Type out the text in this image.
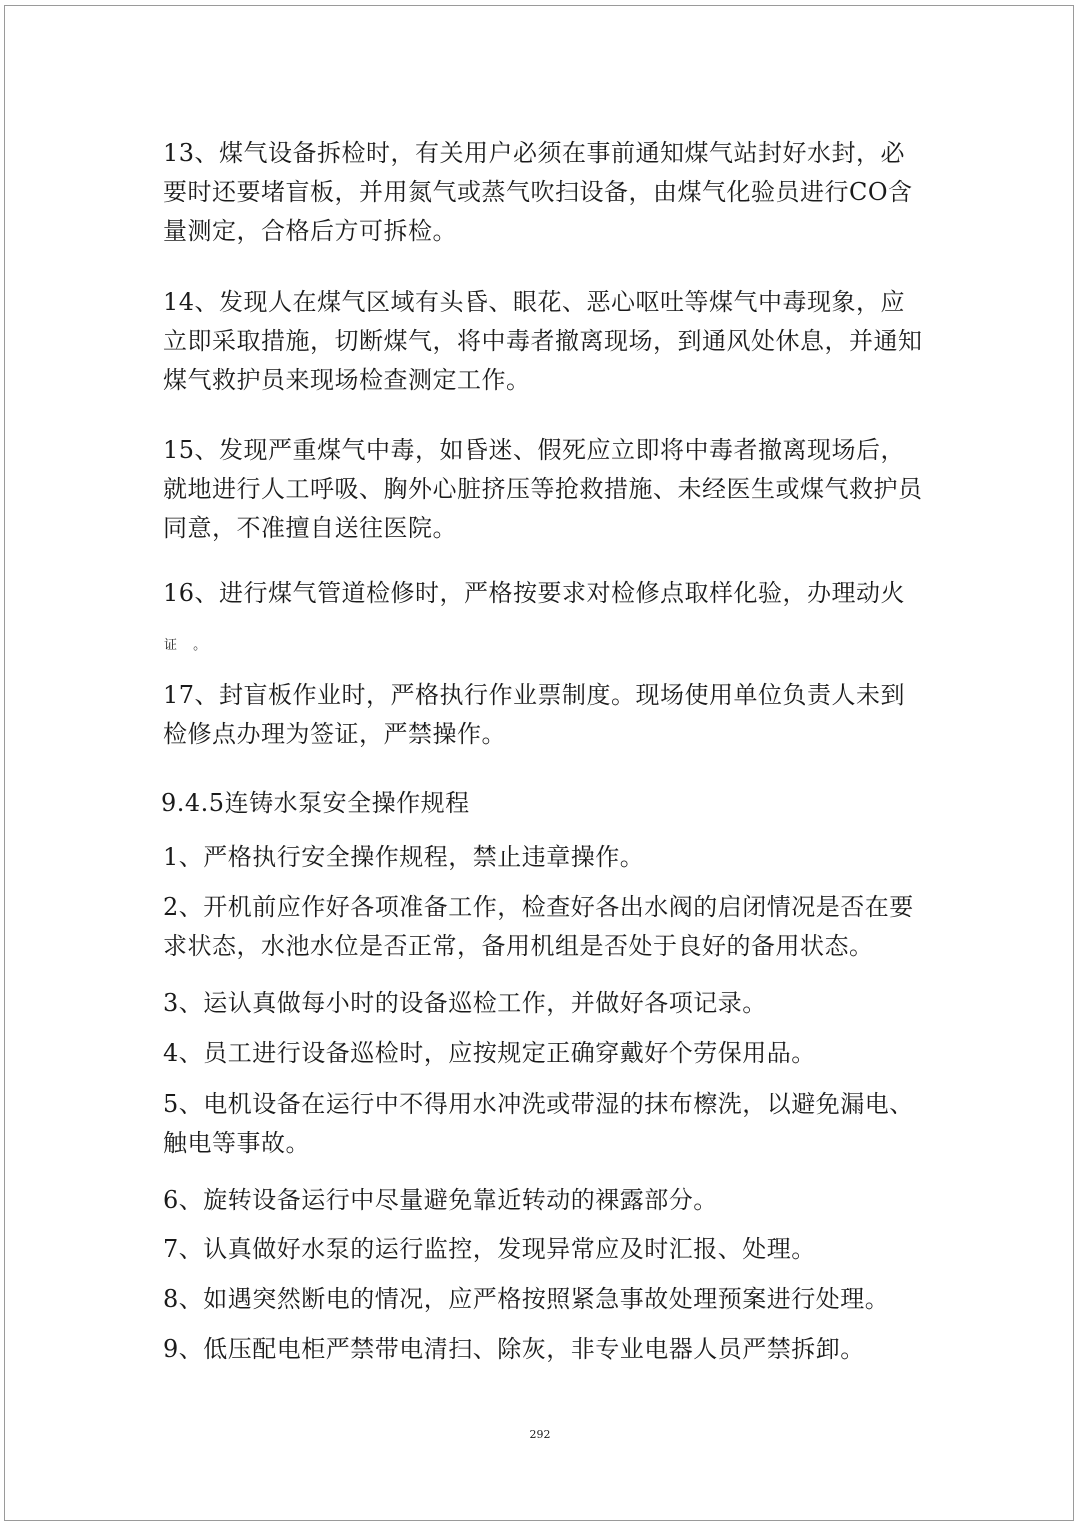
13、煤气设备拆检时，有关用户必须在事前通知煤气站封好水封，必要时还要堵盲板，并用氮气或蒸气吹扫设备，由煤气化验员进行CO含量测定，合格后方可拆检。

14、发现人在煤气区域有头昏、眼花、恶心呕吐等煤气中毒现象，应立即采取措施，切断煤气，将中毒者撤离现场，到通风处休息，并通知煤气救护员来现场检查测定工作。

15、发现严重煤气中毒，如昏迷、假死应立即将中毒者撤离现场后，就地进行人工呼吸、胸外心脏挤压等抢救措施、未经医生或煤气救护员同意，不准擅自送往医院。

16、进行煤气管道检修时，严格按要求对检修点取样化验，办理动火

证 。

17、封盲板作业时，严格执行作业票制度。现场使用单位负责人未到检修点办理为签证，严禁操作。

9.4.5连铸水泵安全操作规程

1、严格执行安全操作规程，禁止违章操作。

2、开机前应作好各项准备工作，检查好各出水阀的启闭情况是否在要求状态，水池水位是否正常，备用机组是否处于良好的备用状态。

3、运认真做每小时的设备巡检工作，并做好各项记录。

4、员工进行设备巡检时，应按规定正确穿戴好个劳保用品。

5、电机设备在运行中不得用水冲洗或带湿的抹布檫洗，以避免漏电、触电等事故。

6、旋转设备运行中尽量避免靠近转动的裸露部分。

7、认真做好水泵的运行监控，发现异常应及时汇报、处理。

8、如遇突然断电的情况，应严格按照紧急事故处理预案进行处理。

9、低压配电柜严禁带电清扫、除灰，非专业电器人员严禁拆卸。

292
